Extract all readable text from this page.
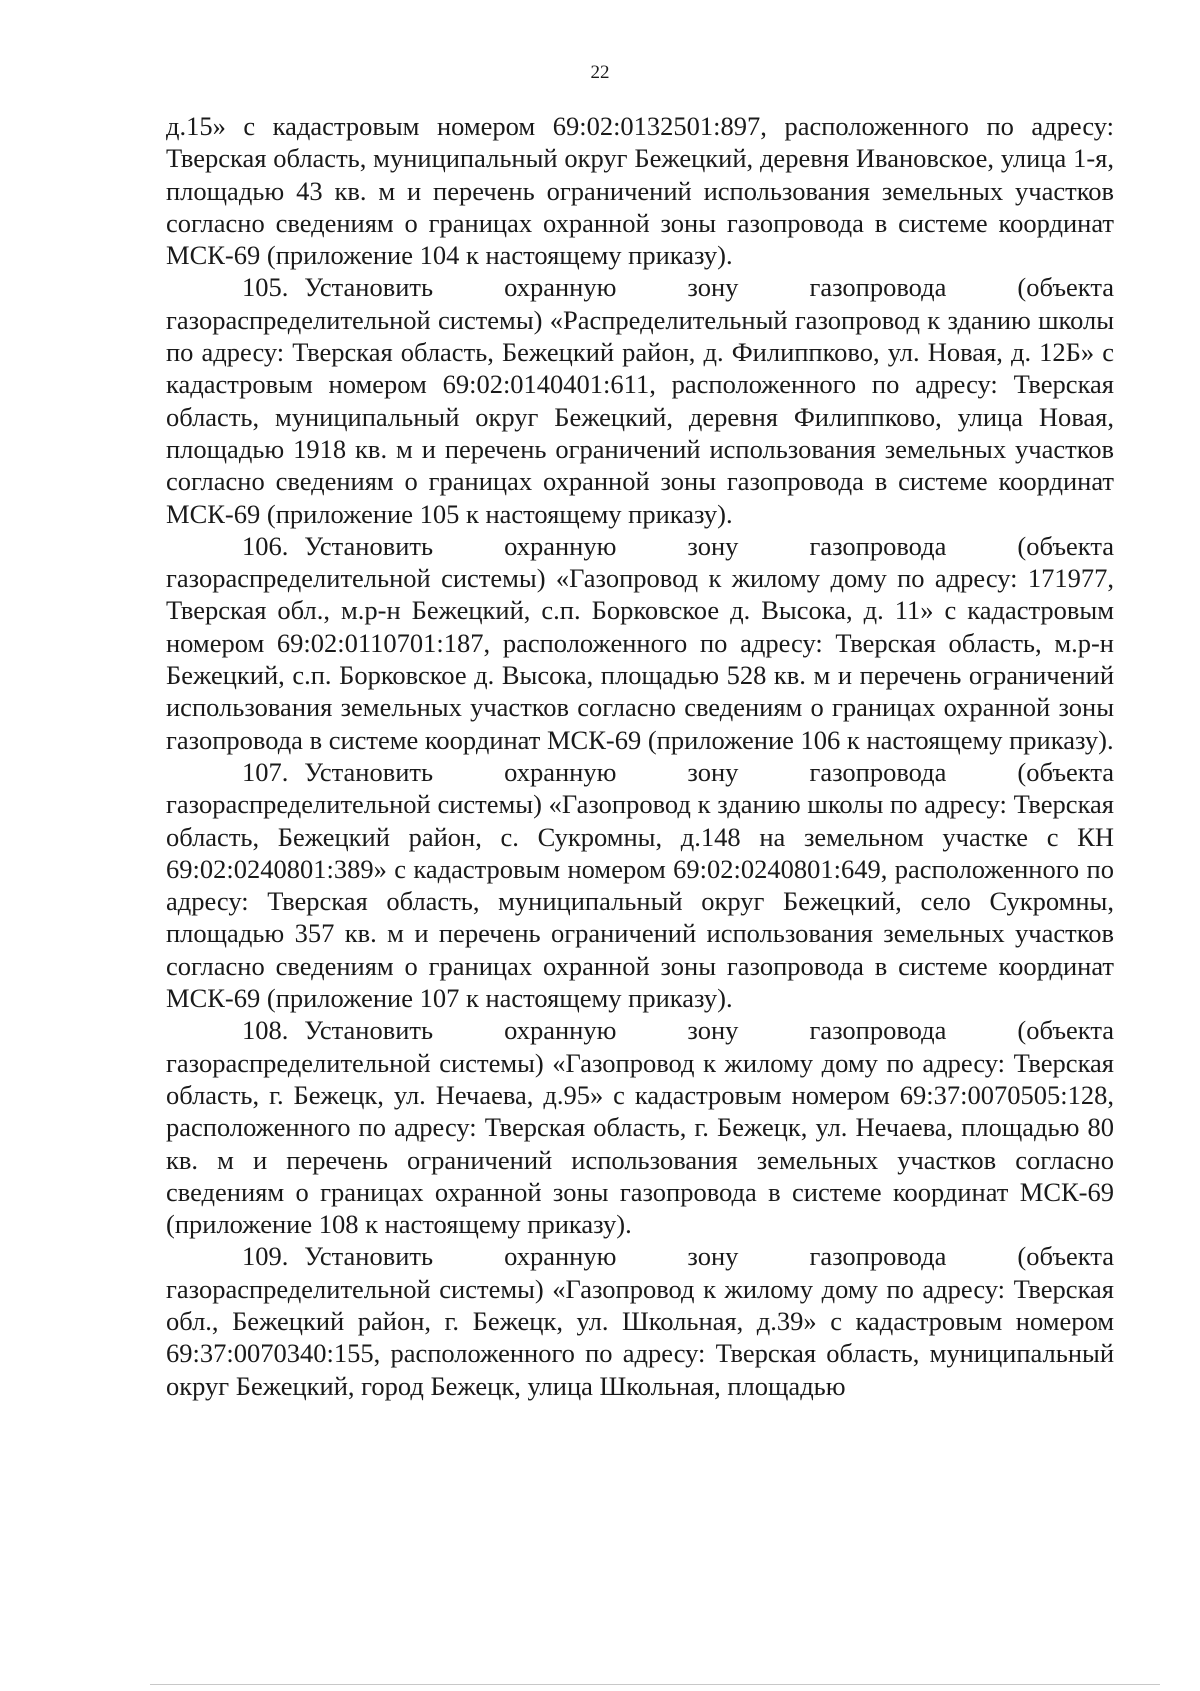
22

д.15» с кадастровым номером 69:02:0132501:897, расположенного по адресу: Тверская область, муниципальный округ Бежецкий, деревня Ивановское, улица 1-я, площадью 43 кв. м и перечень ограничений использования земельных участков согласно сведениям о границах охранной зоны газопровода в системе координат МСК-69 (приложение 104 к настоящему приказу).

105. Установить охранную зону газопровода (объекта газораспределительной системы) «Распределительный газопровод к зданию школы по адресу: Тверская область, Бежецкий район, д. Филиппково, ул. Новая, д. 12Б» с кадастровым номером 69:02:0140401:611, расположенного по адресу: Тверская область, муниципальный округ Бежецкий, деревня Филиппково, улица Новая, площадью 1918 кв. м и перечень ограничений использования земельных участков согласно сведениям о границах охранной зоны газопровода в системе координат МСК-69 (приложение 105 к настоящему приказу).

106. Установить охранную зону газопровода (объекта газораспределительной системы) «Газопровод к жилому дому по адресу: 171977, Тверская обл., м.р-н Бежецкий, с.п. Борковское д. Высока, д. 11» с кадастровым номером 69:02:0110701:187, расположенного по адресу: Тверская область, м.р-н Бежецкий, с.п. Борковское д. Высока, площадью 528 кв. м и перечень ограничений использования земельных участков согласно сведениям о границах охранной зоны газопровода в системе координат МСК-69 (приложение 106 к настоящему приказу).

107. Установить охранную зону газопровода (объекта газораспределительной системы) «Газопровод к зданию школы по адресу: Тверская область, Бежецкий район, с. Сукромны, д.148 на земельном участке с КН 69:02:0240801:389» с кадастровым номером 69:02:0240801:649, расположенного по адресу: Тверская область, муниципальный округ Бежецкий, село Сукромны, площадью 357 кв. м и перечень ограничений использования земельных участков согласно сведениям о границах охранной зоны газопровода в системе координат МСК-69 (приложение 107 к настоящему приказу).

108. Установить охранную зону газопровода (объекта газораспределительной системы) «Газопровод к жилому дому по адресу: Тверская область, г. Бежецк, ул. Нечаева, д.95» с кадастровым номером 69:37:0070505:128, расположенного по адресу: Тверская область, г. Бежецк, ул. Нечаева, площадью 80 кв. м и перечень ограничений использования земельных участков согласно сведениям о границах охранной зоны газопровода в системе координат МСК-69 (приложение 108 к настоящему приказу).

109. Установить охранную зону газопровода (объекта газораспределительной системы) «Газопровод к жилому дому по адресу: Тверская обл., Бежецкий район, г. Бежецк, ул. Школьная, д.39» с кадастровым номером 69:37:0070340:155, расположенного по адресу: Тверская область, муниципальный округ Бежецкий, город Бежецк, улица Школьная, площадью
